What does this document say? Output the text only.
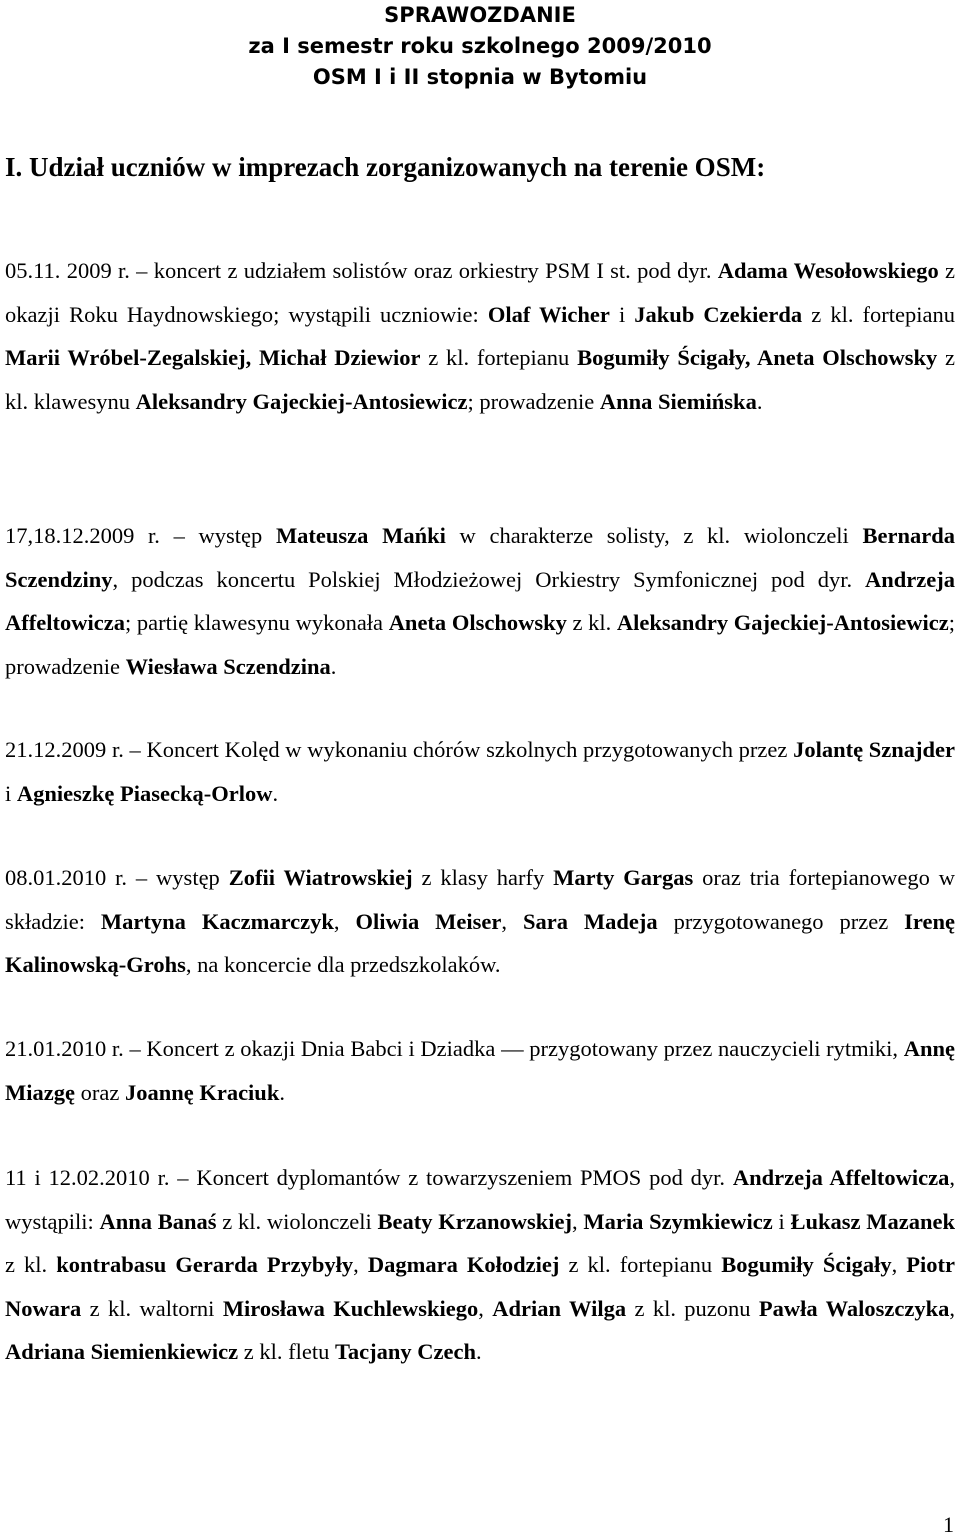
SPRAWOZDANIE
za I semestr roku szkolnego 2009/2010
OSM I i II stopnia w Bytomiu
I. Udział uczniów w imprezach zorganizowanych na terenie OSM:
05.11. 2009 r. – koncert z udziałem solistów oraz orkiestry PSM I st. pod dyr. Adama Wesołowskiego z okazji Roku Haydnowskiego; wystąpili uczniowie: Olaf Wicher i Jakub Czekierda z kl. fortepianu Marii Wróbel-Zegalskiej, Michał Dziewior z kl. fortepianu Bogumiły Ścigały, Aneta Olschowsky z kl. klawesynu Aleksandry Gajeckiej-Antosiewicz; prowadzenie Anna Siemińska.
17,18.12.2009 r. – występ Mateusza Mańki w charakterze solisty, z kl. wiolonczeli Bernarda Sczendziny, podczas koncertu Polskiej Młodzieżowej Orkiestry Symfonicznej pod dyr. Andrzeja Affeltowicza; partię klawesynu wykonała Aneta Olschowsky z kl. Aleksandry Gajeckiej-Antosiewicz; prowadzenie Wiesława Sczendzina.
21.12.2009 r. – Koncert Kolęd w wykonaniu chórów szkolnych przygotowanych przez Jolantę Sznajder i Agnieszkę Piasecką-Orlow.
08.01.2010 r. – występ Zofii Wiatrowskiej z klasy harfy Marty Gargas oraz tria fortepianowego w składzie: Martyna Kaczmarczyk, Oliwia Meiser, Sara Madeja przygotowanego przez Irenę Kalinowską-Grohs, na koncercie dla przedszkolaków.
21.01.2010 r. – Koncert z okazji Dnia Babci i Dziadka — przygotowany przez nauczycieli rytmiki, Annę Miazgę oraz Joannę Kraciuk.
11 i 12.02.2010 r. – Koncert dyplomantów z towarzyszeniem PMOS pod dyr. Andrzeja Affeltowicza, wystąpili: Anna Banaś z kl. wiolonczeli Beaty Krzanowskiej, Maria Szymkiewicz i Łukasz Mazanek z kl. kontrabasu Gerarda Przybyły, Dagmara Kołodziej z kl. fortepianu Bogumiły Ścigały, Piotr Nowara z kl. waltorni Mirosława Kuchlewskiego, Adrian Wilga z kl. puzonu Pawła Waloszczyka, Adriana Siemienkiewicz z kl. fletu Tacjany Czech.
1
